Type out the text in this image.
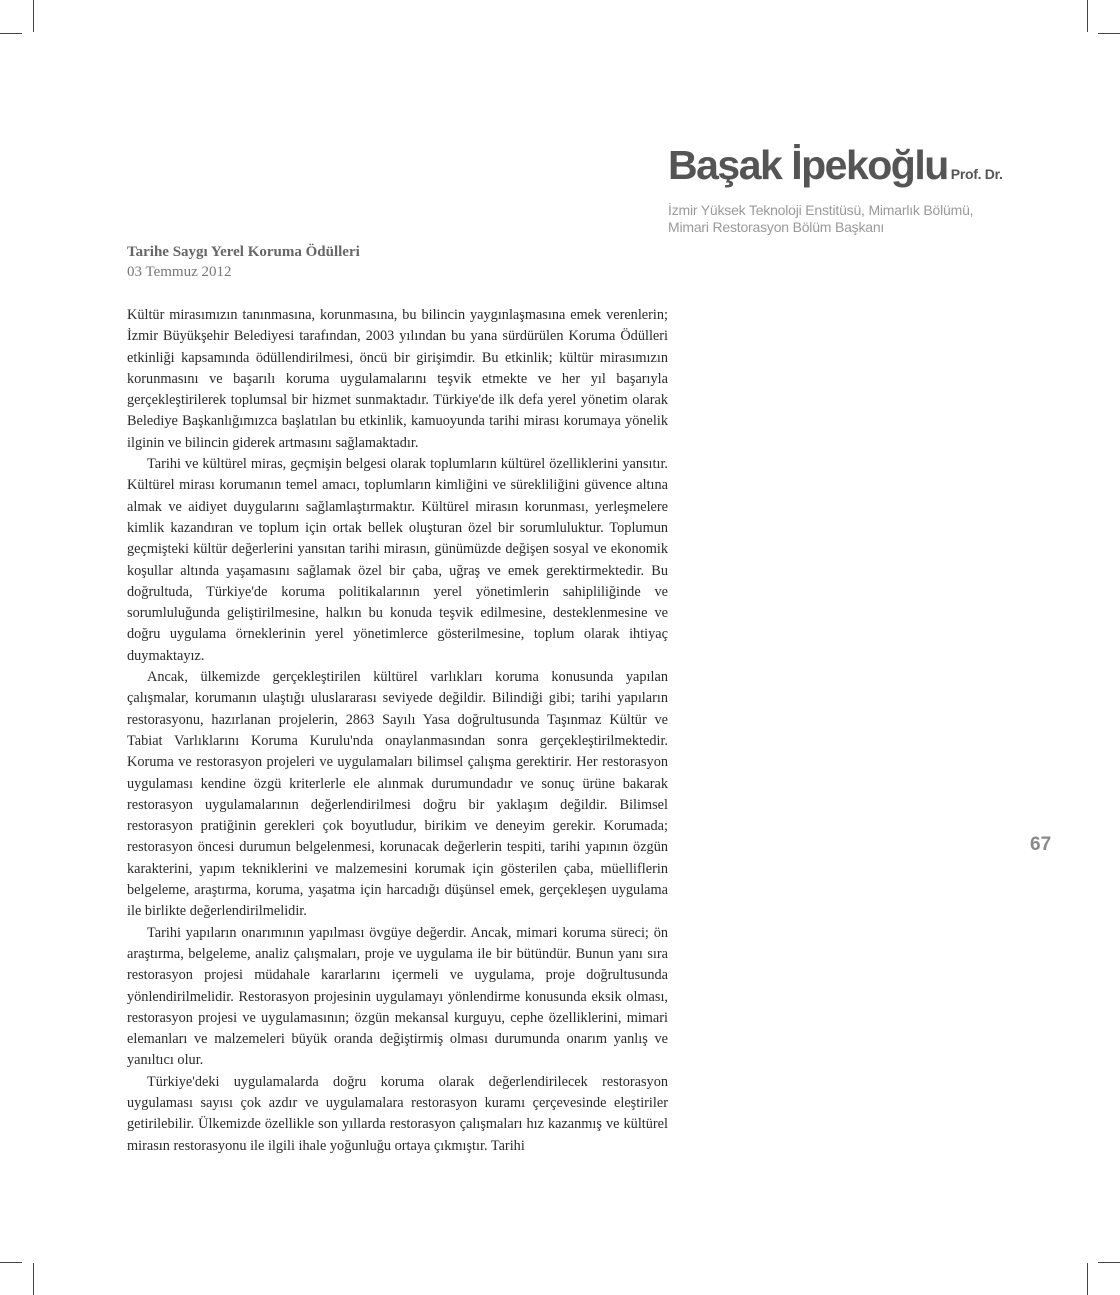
Başak İpekoğlu Prof. Dr.
İzmir Yüksek Teknoloji Enstitüsü, Mimarlık Bölümü,
Mimari Restorasyon Bölüm Başkanı
Tarihe Saygı Yerel Koruma Ödülleri
03 Temmuz 2012

Kültür mirasımızın tanınmasına, korunmasına, bu bilincin yaygınlaşmasına emek verenlerin; İzmir Büyükşehir Belediyesi tarafından, 2003 yılından bu yana sürdürülen Koruma Ödülleri etkinliği kapsamında ödüllendirilmesi, öncü bir girişimdir. Bu etkinlik; kültür mirasımızın korunmasını ve başarılı koruma uygulamalarını teşvik etmekte ve her yıl başarıyla gerçekleştirilerek toplumsal bir hizmet sunmaktadır. Türkiye'de ilk defa yerel yönetim olarak Belediye Başkanlığımızca başlatılan bu etkinlik, kamuoyunda tarihi mirası korumaya yönelik ilginin ve bilincin giderek artmasını sağlamaktadır.

Tarihi ve kültürel miras, geçmişin belgesi olarak toplumların kültürel özelliklerini yansıtır. Kültürel mirası korumanın temel amacı, toplumların kimliğini ve sürekliliğini güvence altına almak ve aidiyet duygularını sağlamlaştırmaktır. Kültürel mirasın korunması, yerleşmelere kimlik kazandıran ve toplum için ortak bellek oluşturan özel bir sorumluluktur. Toplumun geçmişteki kültür değerlerini yansıtan tarihi mirasın, günümüzde değişen sosyal ve ekonomik koşullar altında yaşamasını sağlamak özel bir çaba, uğraş ve emek gerektirmektedir. Bu doğrultuda, Türkiye'de koruma politikalarının yerel yönetimlerin sahipliliğinde ve sorumluluğunda geliştirilmesine, halkın bu konuda teşvik edilmesine, desteklenmesine ve doğru uygulama örneklerinin yerel yönetimlerce gösterilmesine, toplum olarak ihtiyaç duymaktayız.

Ancak, ülkemizde gerçekleştirilen kültürel varlıkları koruma konusunda yapılan çalışmalar, korumanın ulaştığı uluslararası seviyede değildir. Bilindiği gibi; tarihi yapıların restorasyonu, hazırlanan projelerin, 2863 Sayılı Yasa doğrultusunda Taşınmaz Kültür ve Tabiat Varlıklarını Koruma Kurulu'nda onaylanmasından sonra gerçekleştirilmektedir. Koruma ve restorasyon projeleri ve uygulamaları bilimsel çalışma gerektirir. Her restorasyon uygulaması kendine özgü kriterlerle ele alınmak durumundadır ve sonuç ürüne bakarak restorasyon uygulamalarının değerlendirilmesi doğru bir yaklaşım değildir. Bilimsel restorasyon pratiğinin gerekleri çok boyutludur, birikim ve deneyim gerekir. Korumada; restorasyon öncesi durumun belgelenmesi, korunacak değerlerin tespiti, tarihi yapının özgün karakterini, yapım tekniklerini ve malzemesini korumak için gösterilen çaba, müelliflerin belgeleme, araştırma, koruma, yaşatma için harcadığı düşünsel emek, gerçekleşen uygulama ile birlikte değerlendirilmelidir.

Tarihi yapıların onarımının yapılması övgüye değerdir. Ancak, mimari koruma süreci; ön araştırma, belgeleme, analiz çalışmaları, proje ve uygulama ile bir bütündür. Bunun yanı sıra restorasyon projesi müdahale kararlarını içermeli ve uygulama, proje doğrultusunda yönlendirilmelidir. Restorasyon projesinin uygulamayı yönlendirme konusunda eksik olması, restorasyon projesi ve uygulamasının; özgün mekansal kurguyu, cephe özelliklerini, mimari elemanları ve malzemeleri büyük oranda değiştirmiş olması durumunda onarım yanlış ve yanıltıcı olur.

Türkiye'deki uygulamalarda doğru koruma olarak değerlendirilecek restorasyon uygulaması sayısı çok azdır ve uygulamalara restorasyon kuramı çerçevesinde eleştiriler getirilebilir. Ülkemizde özellikle son yıllarda restorasyon çalışmaları hız kazanmış ve kültürel mirasın restorasyonu ile ilgili ihale yoğunluğu ortaya çıkmıştır. Tarihi

67
